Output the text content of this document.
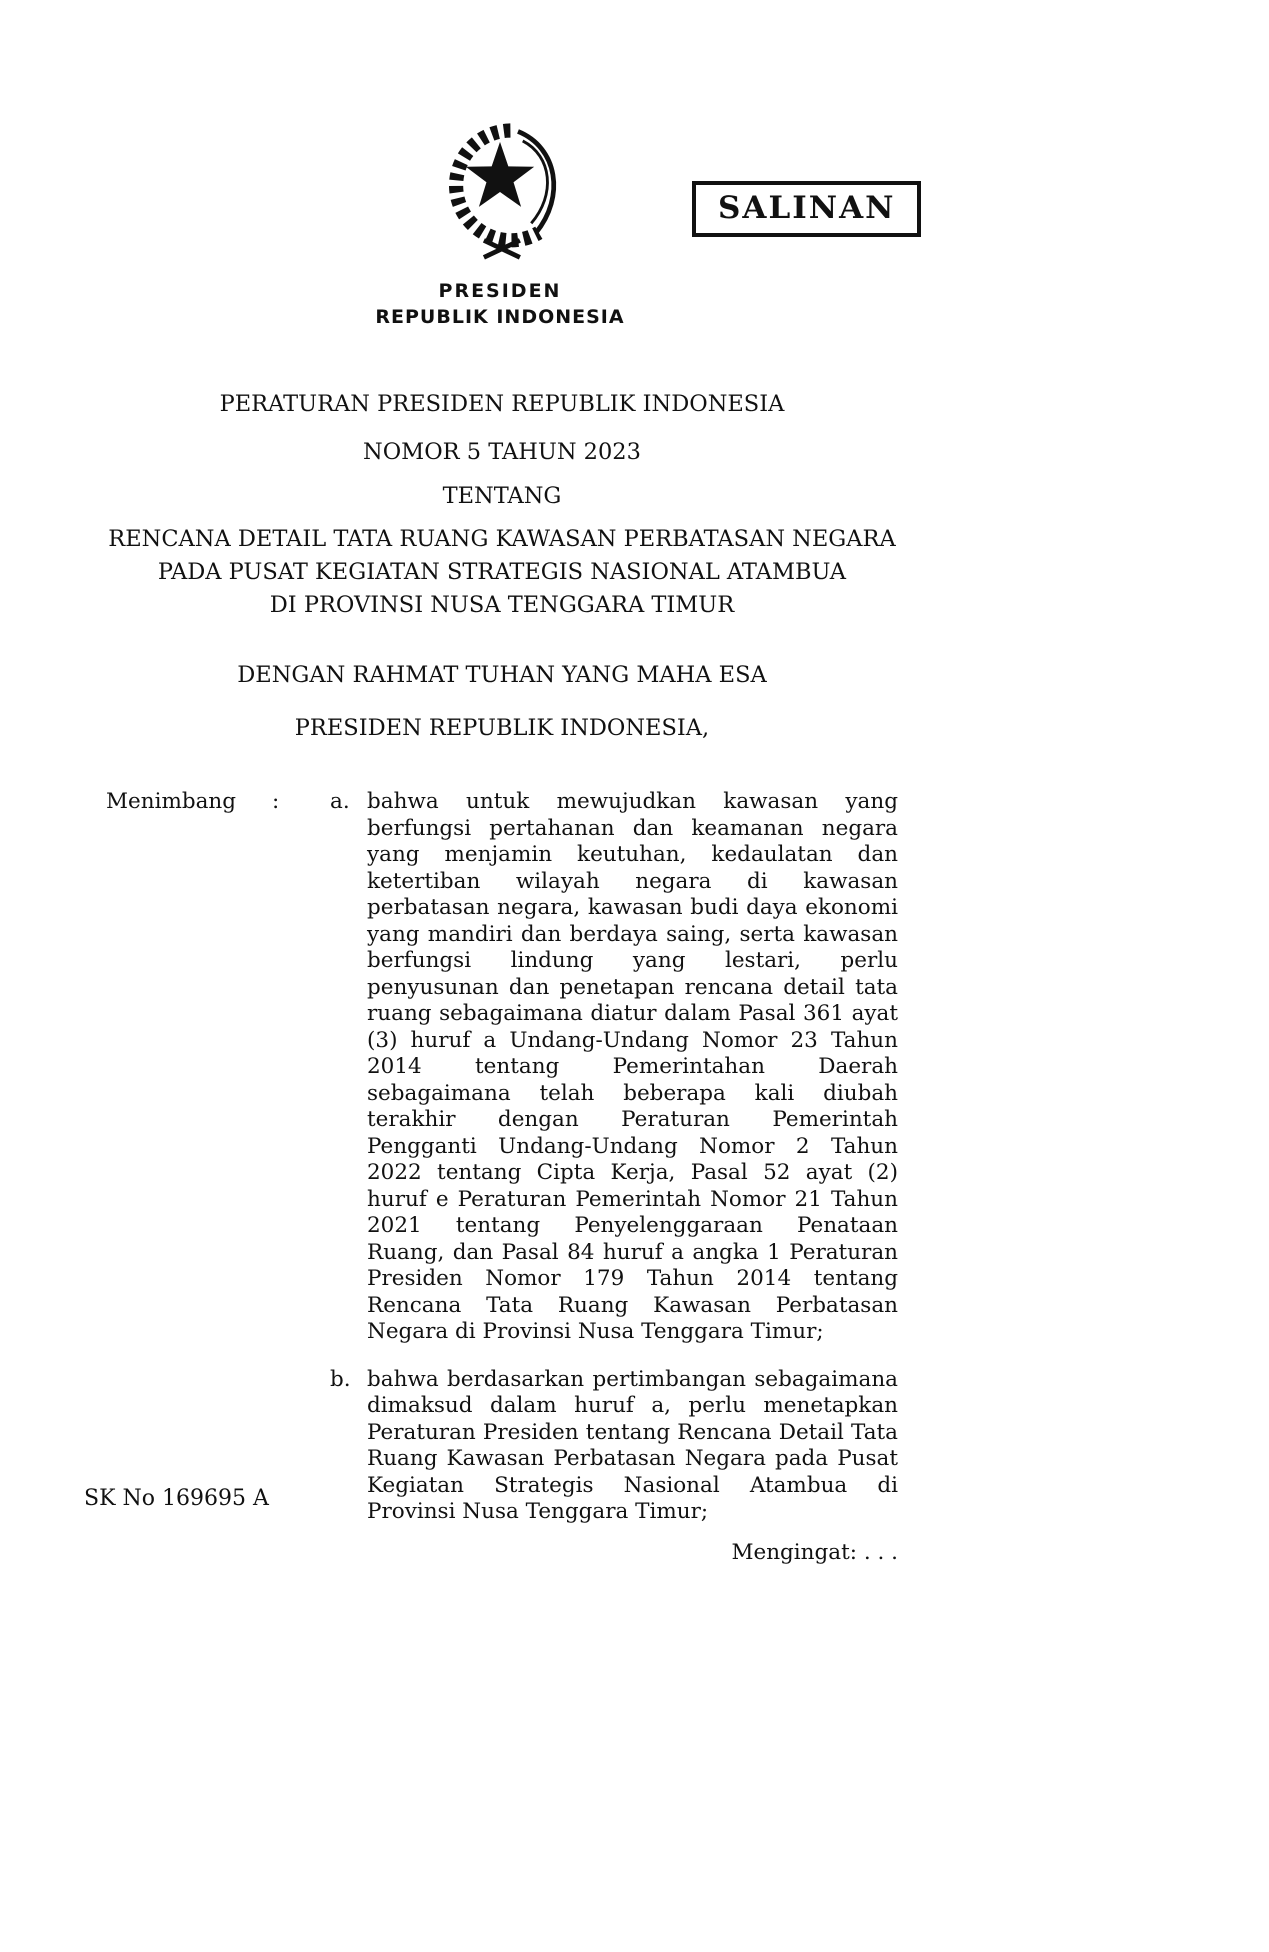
PRESIDEN
REPUBLIK INDONESIA
SALINAN
PERATURAN PRESIDEN REPUBLIK INDONESIA
NOMOR 5 TAHUN 2023
TENTANG
RENCANA DETAIL TATA RUANG KAWASAN PERBATASAN NEGARA
PADA PUSAT KEGIATAN STRATEGIS NASIONAL ATAMBUA
DI PROVINSI NUSA TENGGARA TIMUR
DENGAN RAHMAT TUHAN YANG MAHA ESA
PRESIDEN REPUBLIK INDONESIA,
Menimbang	:	a. bahwa untuk mewujudkan kawasan yang berfungsi pertahanan dan keamanan negara yang menjamin keutuhan, kedaulatan dan ketertiban wilayah negara di kawasan perbatasan negara, kawasan budi daya ekonomi yang mandiri dan berdaya saing, serta kawasan berfungsi lindung yang lestari, perlu penyusunan dan penetapan rencana detail tata ruang sebagaimana diatur dalam Pasal 361 ayat (3) huruf a Undang-Undang Nomor 23 Tahun 2014 tentang Pemerintahan Daerah sebagaimana telah beberapa kali diubah terakhir dengan Peraturan Pemerintah Pengganti Undang-Undang Nomor 2 Tahun 2022 tentang Cipta Kerja, Pasal 52 ayat (2) huruf e Peraturan Pemerintah Nomor 21 Tahun 2021 tentang Penyelenggaraan Penataan Ruang, dan Pasal 84 huruf a angka 1 Peraturan Presiden Nomor 179 Tahun 2014 tentang Rencana Tata Ruang Kawasan Perbatasan Negara di Provinsi Nusa Tenggara Timur;
b. bahwa berdasarkan pertimbangan sebagaimana dimaksud dalam huruf a, perlu menetapkan Peraturan Presiden tentang Rencana Detail Tata Ruang Kawasan Perbatasan Negara pada Pusat Kegiatan Strategis Nasional Atambua di Provinsi Nusa Tenggara Timur;
Mengingat: . . .
SK No 169695 A
